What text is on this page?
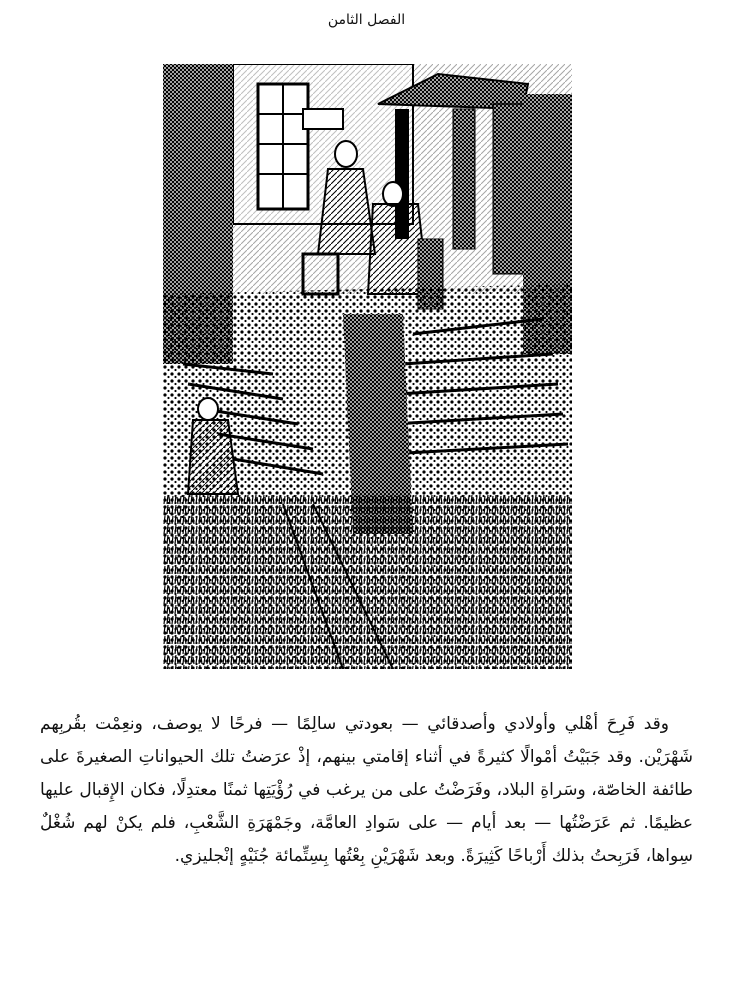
الفصل الثامن

وقد فَرِحَ أهْلي وأولادي وأصدقائي — بعودتي سالِمًا — فرحًا لا يوصف، ونعِمْت بقُربِهم شَهْرَيْن. وقد جَبَيْتُ أمْوالًا كثيرةً في أثناء إقامتي بينهم، إذْ عرَضتُ تلك الحيواناتِ الصغيرةَ على طائفة الخاصّة، وسَراةِ البلاد، وفَرَضْتُ على من يرغب في رُؤْيَتِها ثمنًا معتدِلًا، فكان الإِقبال عليها عظيمًا. ثم عَرَضْتُها — بعد أيام — على سَوادِ العامَّة، وجَمْهَرَةِ الشَّعْبِ، فلم يكنْ لهم شُغْلٌ سِواها، فَرَبِحتُ بذلك أَرْباحًا كَثِيرَةً. وبعد شَهْرَيْنِ بِعْتُها بِسِتِّمائة جُنَيْهٍ إنْجليزي.
